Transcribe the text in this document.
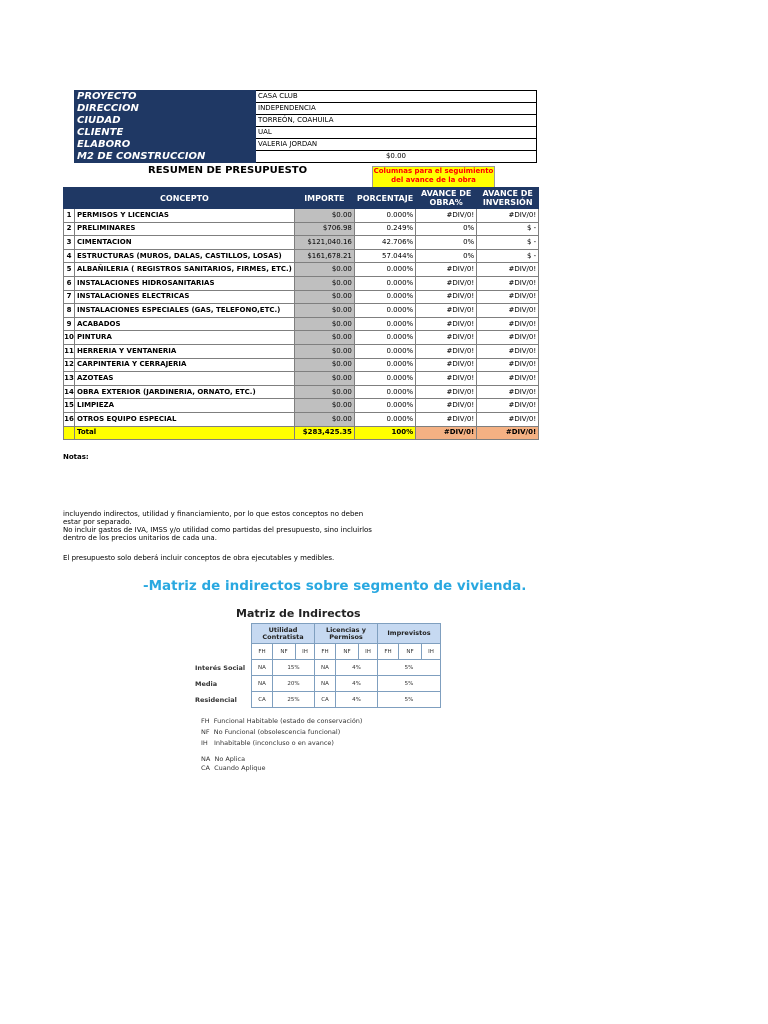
PROYECTO	CASA CLUB
DIRECCION	INDEPENDENCIA
CIUDAD	TORREÓN, COAHUILA
CLIENTE	UAL
ELABORO	VALERIA JORDAN
M2 DE CONSTRUCCION	$0.00
RESUMEN DE PRESUPUESTO	Columnas para el seguimiento del avance de la obra
	CONCEPTO	IMPORTE	PORCENTAJE	AVANCE DE OBRA%	AVANCE DE INVERSIÓN
1	PERMISOS Y LICENCIAS	$0.00	0.000%	#DIV/0!	#DIV/0!
2	PRELIMINARES	$706.98	0.249%	0%	$ -
3	CIMENTACION	$121,040.16	42.706%	0%	$ -
4	ESTRUCTURAS (MUROS, DALAS, CASTILLOS, LOSAS)	$161,678.21	57.044%	0%	$ -
5	ALBAÑILERIA ( REGISTROS SANITARIOS, FIRMES, ETC.)	$0.00	0.000%	#DIV/0!	#DIV/0!
6	INSTALACIONES HIDROSANITARIAS	$0.00	0.000%	#DIV/0!	#DIV/0!
7	INSTALACIONES ELECTRICAS	$0.00	0.000%	#DIV/0!	#DIV/0!
8	INSTALACIONES ESPECIALES (GAS, TELEFONO,ETC.)	$0.00	0.000%	#DIV/0!	#DIV/0!
9	ACABADOS	$0.00	0.000%	#DIV/0!	#DIV/0!
10	PINTURA	$0.00	0.000%	#DIV/0!	#DIV/0!
11	HERRERIA Y VENTANERIA	$0.00	0.000%	#DIV/0!	#DIV/0!
12	CARPINTERIA Y CERRAJERIA	$0.00	0.000%	#DIV/0!	#DIV/0!
13	AZOTEAS	$0.00	0.000%	#DIV/0!	#DIV/0!
14	OBRA EXTERIOR (JARDINERIA, ORNATO, ETC.)	$0.00	0.000%	#DIV/0!	#DIV/0!
15	LIMPIEZA	$0.00	0.000%	#DIV/0!	#DIV/0!
16	OTROS EQUIPO ESPECIAL	$0.00	0.000%	#DIV/0!	#DIV/0!
	Total	$283,425.35	100%	#DIV/0!	#DIV/0!
Notas:
incluyendo indirectos, utilidad y financiamiento, por lo que estos conceptos no deben estar por separado.
No incluir gastos de IVA, IMSS y/o utilidad como partidas del presupuesto, sino incluirlos dentro de los precios unitarios de cada una.
El presupuesto solo deberá incluir conceptos de obra ejecutables y medibles.
-Matriz de indirectos sobre segmento de vivienda.
Matriz de Indirectos
	Utilidad Contratista			Licencias y Permisos			Imprevistos		
	FH	NF	IH	FH	NF	IH	FH	NF	IH
Interés Social	NA	15%		NA	4%		5%		
Media	NA	20%		NA	4%		5%		
Residencial	CA	25%		CA	4%		5%		
FH Funcional Habitable (estado de conservación)
NF No Funcional (obsolescencia funcional)
IH Inhabitable (inconcluso o en avance)
NA No Aplica
CA Cuando Aplique
